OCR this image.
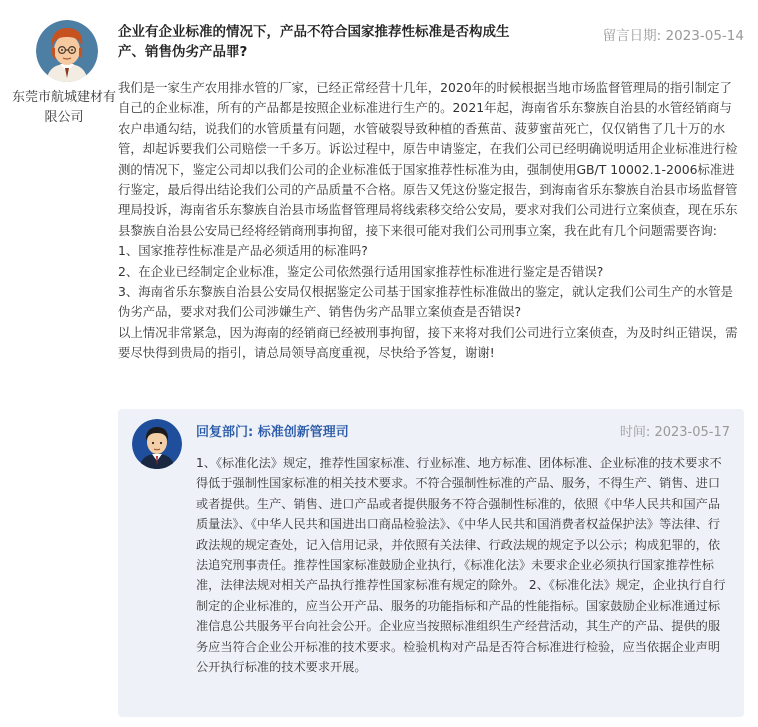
东莞市航城建材有限公司
企业有企业标准的情况下，产品不符合国家推荐性标准是否构成生产、销售伪劣产品罪?
留言日期: 2023-05-14

我们是一家生产农用排水管的厂家，已经正常经营十几年，2020年的时候根据当地市场监督管理局的指引制定了自己的企业标准，所有的产品都是按照企业标准进行生产的。2021年起，海南省乐东黎族自治县的水管经销商与农户串通勾结，说我们的水管质量有问题，水管破裂导致种植的香蕉苗、菠萝蜜苗死亡，仅仅销售了几十万的水管，却起诉要我们公司赔偿一千多万。诉讼过程中，原告申请鉴定，在我们公司已经明确说明适用企业标准进行检测的情况下，鉴定公司却以我们公司的企业标准低于国家推荐性标准为由，强制使用GB/T 10002.1-2006标准进行鉴定，最后得出结论我们公司的产品质量不合格。原告又凭这份鉴定报告，到海南省乐东黎族自治县市场监督管理局投诉，海南省乐东黎族自治县市场监督管理局将线索移交给公安局，要求对我们公司进行立案侦查，现在乐东县黎族自治县公安局已经将经销商刑事拘留，接下来很可能对我们公司刑事立案，我在此有几个问题需要咨询:

1、国家推荐性标准是产品必须适用的标准吗?

2、在企业已经制定企业标准，鉴定公司依然强行适用国家推荐性标准进行鉴定是否错误?

3、海南省乐东黎族自治县公安局仅根据鉴定公司基于国家推荐性标准做出的鉴定，就认定我们公司生产的水管是伪劣产品，要求对我们公司涉嫌生产、销售伪劣产品罪立案侦查是否错误?

以上情况非常紧急，因为海南的经销商已经被刑事拘留，接下来将对我们公司进行立案侦查，为及时纠正错误，需要尽快得到贵局的指引，请总局领导高度重视，尽快给予答复，谢谢!

回复部门: 标准创新管理司	时间: 2023-05-17
1、《标准化法》规定，推荐性国家标准、行业标准、地方标准、团体标准、企业标准的技术要求不得低于强制性国家标准的相关技术要求。不符合强制性标准的产品、服务，不得生产、销售、进口或者提供。生产、销售、进口产品或者提供服务不符合强制性标准的，依照《中华人民共和国产品质量法》、《中华人民共和国进出口商品检验法》、《中华人民共和国消费者权益保护法》等法律、行政法规的规定查处，记入信用记录，并依照有关法律、行政法规的规定予以公示；构成犯罪的，依法追究刑事责任。推荐性国家标准鼓励企业执行，《标准化法》未要求企业必须执行国家推荐性标准，法律法规对相关产品执行推荐性国家标准有规定的除外。 2、《标准化法》规定，企业执行自行制定的企业标准的，应当公开产品、服务的功能指标和产品的性能指标。国家鼓励企业标准通过标准信息公共服务平台向社会公开。企业应当按照标准组织生产经营活动，其生产的产品、提供的服务应当符合企业公开标准的技术要求。检验机构对产品是否符合标准进行检验，应当依据企业声明公开执行标准的技术要求开展。
